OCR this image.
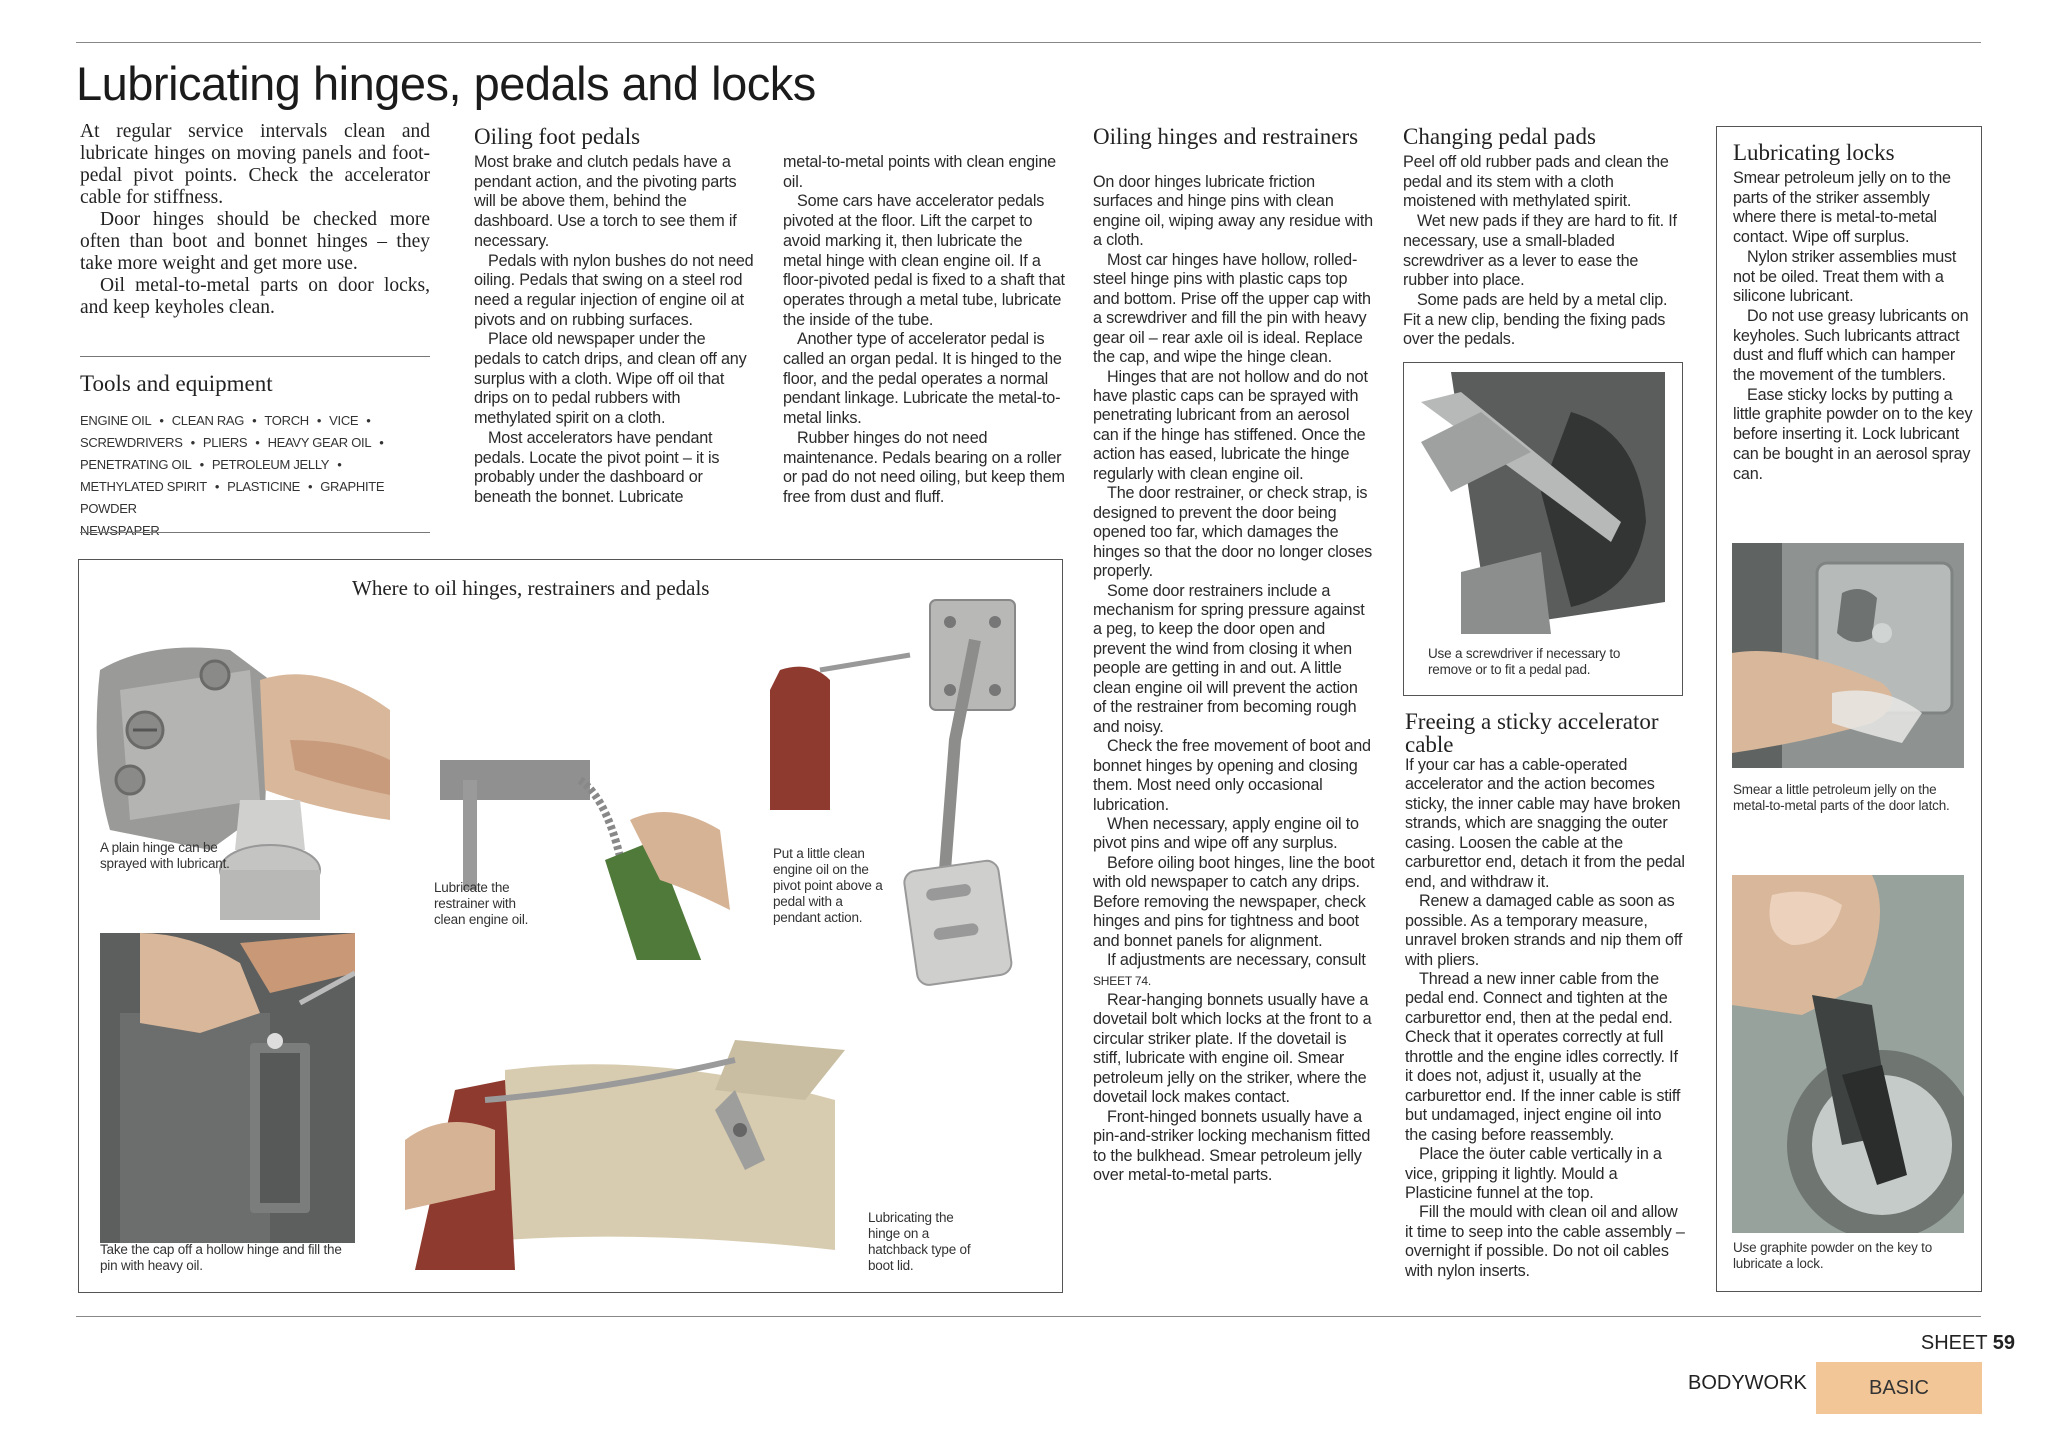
Lubricating hinges, pedals and locks

At regular service intervals clean and lubricate hinges on moving panels and foot-pedal pivot points. Check the accelerator cable for stiffness.

Door hinges should be checked more often than boot and bonnet hinges – they take more weight and get more use.

Oil metal-to-metal parts on door locks, and keep keyholes clean.

Tools and equipment
ENGINE OIL • CLEAN RAG • TORCH • VICE •
SCREWDRIVERS • PLIERS • HEAVY GEAR OIL •
PENETRATING OIL • PETROLEUM JELLY •
METHYLATED SPIRIT • PLASTICINE • GRAPHITE POWDER
NEWSPAPER
Oiling foot pedals

Most brake and clutch pedals have a pendant action, and the pivoting parts will be above them, behind the dashboard. Use a torch to see them if necessary.

Pedals with nylon bushes do not need oiling. Pedals that swing on a steel rod need a regular injection of engine oil at pivots and on rubbing surfaces.

Place old newspaper under the pedals to catch drips, and clean off any surplus with a cloth. Wipe off oil that drips on to pedal rubbers with methylated spirit on a cloth.

Most accelerators have pendant pedals. Locate the pivot point – it is probably under the dashboard or beneath the bonnet. Lubricate

metal-to-metal points with clean engine oil.

Some cars have accelerator pedals pivoted at the floor. Lift the carpet to avoid marking it, then lubricate the metal hinge with clean engine oil. If a floor-pivoted pedal is fixed to a shaft that operates through a metal tube, lubricate the inside of the tube.

Another type of accelerator pedal is called an organ pedal. It is hinged to the floor, and the pedal operates a normal pendant linkage. Lubricate the metal-to-metal links.

Rubber hinges do not need maintenance. Pedals bearing on a roller or pad do not need oiling, but keep them free from dust and fluff.

Where to oil hinges, restrainers and pedals
A plain hinge can be sprayed with lubricant.
Take the cap off a hollow hinge and fill the pin with heavy oil.
Lubricate the restrainer with clean engine oil.
Put a little clean engine oil on the pivot point above a pedal with a pendant action.
Lubricating the hinge on a hatchback type of boot lid.
Oiling hinges and restrainers

On door hinges lubricate friction surfaces and hinge pins with clean engine oil, wiping away any residue with a cloth.

Most car hinges have hollow, rolled-steel hinge pins with plastic caps top and bottom. Prise off the upper cap with a screwdriver and fill the pin with heavy gear oil – rear axle oil is ideal. Replace the cap, and wipe the hinge clean.

Hinges that are not hollow and do not have plastic caps can be sprayed with penetrating lubricant from an aerosol can if the hinge has stiffened. Once the action has eased, lubricate the hinge regularly with clean engine oil.

The door restrainer, or check strap, is designed to prevent the door being opened too far, which damages the hinges so that the door no longer closes properly.

Some door restrainers include a mechanism for spring pressure against a peg, to keep the door open and prevent the wind from closing it when people are getting in and out. A little clean engine oil will prevent the action of the restrainer from becoming rough and noisy.

Check the free movement of boot and bonnet hinges by opening and closing them. Most need only occasional lubrication.

When necessary, apply engine oil to pivot pins and wipe off any surplus.

Before oiling boot hinges, line the boot with old newspaper to catch any drips. Before removing the newspaper, check hinges and pins for tightness and boot and bonnet panels for alignment.

If adjustments are necessary, consult SHEET 74.

Rear-hanging bonnets usually have a dovetail bolt which locks at the front to a circular striker plate. If the dovetail is stiff, lubricate with engine oil. Smear petroleum jelly on the striker, where the dovetail lock makes contact.

Front-hinged bonnets usually have a pin-and-striker locking mechanism fitted to the bulkhead. Smear petroleum jelly over metal-to-metal parts.

Changing pedal pads

Peel off old rubber pads and clean the pedal and its stem with a cloth moistened with methylated spirit.

Wet new pads if they are hard to fit. If necessary, use a small-bladed screwdriver as a lever to ease the rubber into place.

Some pads are held by a metal clip. Fit a new clip, bending the fixing pads over the pedals.

Use a screwdriver if necessary to remove or to fit a pedal pad.
Freeing a sticky accelerator cable

If your car has a cable-operated accelerator and the action becomes sticky, the inner cable may have broken strands, which are snagging the outer casing. Loosen the cable at the carburettor end, detach it from the pedal end, and withdraw it.

Renew a damaged cable as soon as possible. As a temporary measure, unravel broken strands and nip them off with pliers.

Thread a new inner cable from the pedal end. Connect and tighten at the carburettor end, then at the pedal end. Check that it operates correctly at full throttle and the engine idles correctly. If it does not, adjust it, usually at the carburettor end. If the inner cable is stiff but undamaged, inject engine oil into the casing before reassembly.

Place the öuter cable vertically in a vice, gripping it lightly. Mould a Plasticine funnel at the top.

Fill the mould with clean oil and allow it time to seep into the cable assembly – overnight if possible. Do not oil cables with nylon inserts.

Lubricating locks

Smear petroleum jelly on to the parts of the striker assembly where there is metal-to-metal contact. Wipe off surplus.

Nylon striker assemblies must not be oiled. Treat them with a silicone lubricant.

Do not use greasy lubricants on keyholes. Such lubricants attract dust and fluff which can hamper the movement of the tumblers.

Ease sticky locks by putting a little graphite powder on to the key before inserting it. Lock lubricant can be bought in an aerosol spray can.

Smear a little petroleum jelly on the metal-to-metal parts of the door latch.
Use graphite powder on the key to lubricate a lock.
SHEET 59
BODYWORK	BASIC
